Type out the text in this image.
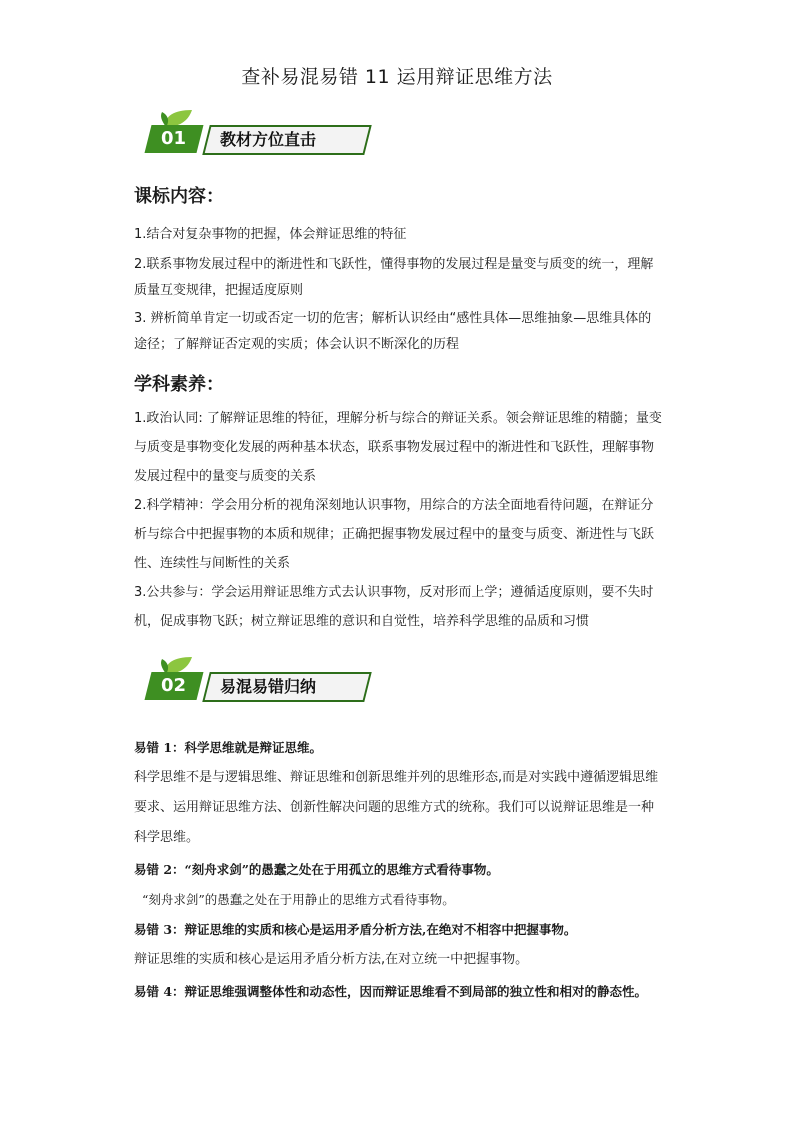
查补易混易错 11 运用辩证思维方法
01	教材方位直击
课标内容：

1.结合对复杂事物的把握，体会辩证思维的特征

2.联系事物发展过程中的渐进性和飞跃性，懂得事物的发展过程是量变与质变的统一，理解质量互变规律，把握适度原则

3. 辨析简单肯定一切或否定一切的危害；解析认识经由“感性具体—思维抽象—思维具体的途径；了解辩证否定观的实质；体会认识不断深化的历程

学科素养：

1.政治认同: 了解辩证思维的特征，理解分析与综合的辩证关系。领会辩证思维的精髓；量变与质变是事物变化发展的两种基本状态，联系事物发展过程中的渐进性和飞跃性，理解事物发展过程中的量变与质变的关系

2.科学精神：学会用分析的视角深刻地认识事物，用综合的方法全面地看待问题，在辩证分析与综合中把握事物的本质和规律；正确把握事物发展过程中的量变与质变、渐进性与飞跃性、连续性与间断性的关系

3.公共参与：学会运用辩证思维方式去认识事物，反对形而上学；遵循适度原则，要不失时机，促成事物飞跃；树立辩证思维的意识和自觉性，培养科学思维的品质和习惯

02	易混易错归纳

易错 1：科学思维就是辩证思维。

科学思维不是与逻辑思维、辩证思维和创新思维并列的思维形态,而是对实践中遵循逻辑思维要求、运用辩证思维方法、创新性解决问题的思维方式的统称。我们可以说辩证思维是一种科学思维。

易错 2：“刻舟求剑”的愚蠢之处在于用孤立的思维方式看待事物。

“刻舟求剑”的愚蠢之处在于用静止的思维方式看待事物。

易错 3：辩证思维的实质和核心是运用矛盾分析方法,在绝对不相容中把握事物。

辩证思维的实质和核心是运用矛盾分析方法,在对立统一中把握事物。

易错 4：辩证思维强调整体性和动态性，因而辩证思维看不到局部的独立性和相对的静态性。
